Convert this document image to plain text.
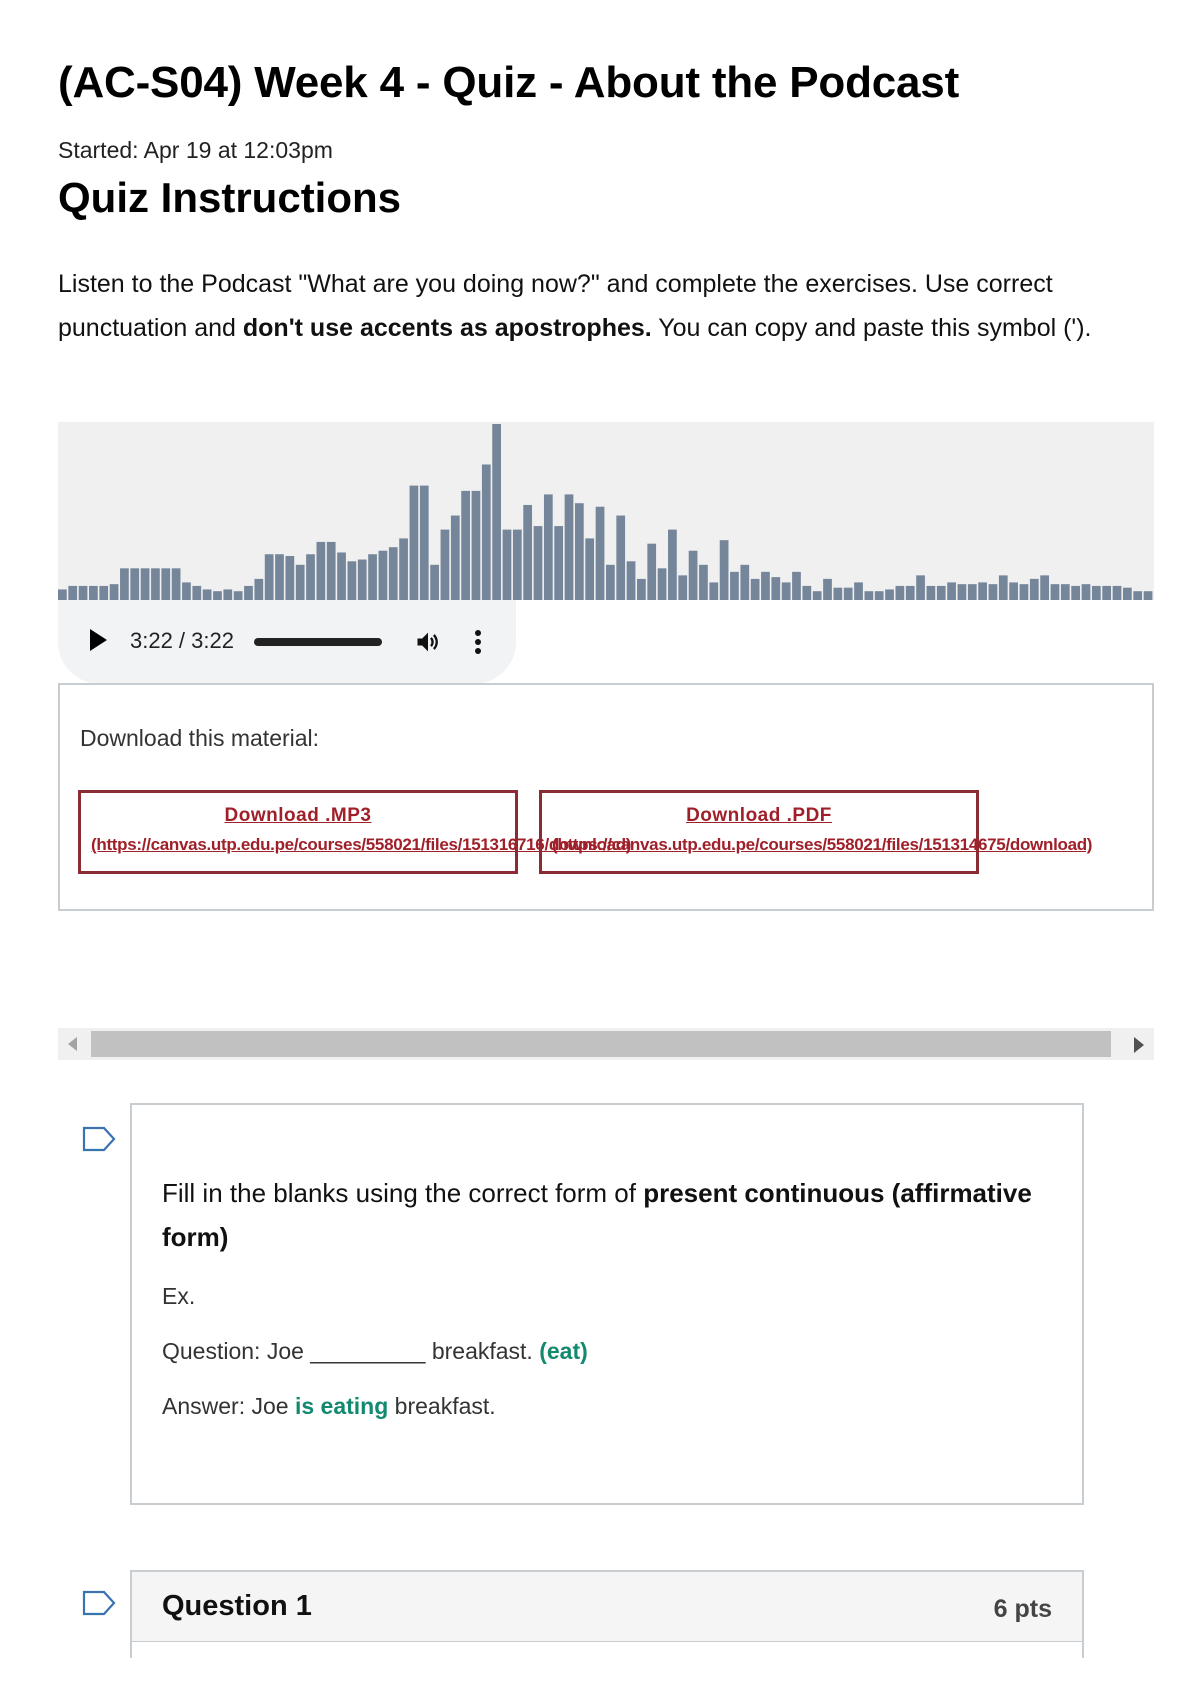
(AC-S04) Week 4 - Quiz - About the Podcast
Started: Apr 19 at 12:03pm
Quiz Instructions

Listen to the Podcast "What are you doing now?" and complete the exercises. Use correct punctuation and don't use accents as apostrophes. You can copy and paste this symbol (').

3:22 / 3:22
Download this material:
Download .MP3
(https://canvas.utp.edu.pe/courses/558021/files/151316716/download)
Download .PDF
(https://canvas.utp.edu.pe/courses/558021/files/151314675/download)

Fill in the blanks using the correct form of present continuous (affirmative form)

Ex.
Question: Joe _________ breakfast. (eat)
Answer: Joe is eating breakfast.
Question 1	6 pts
